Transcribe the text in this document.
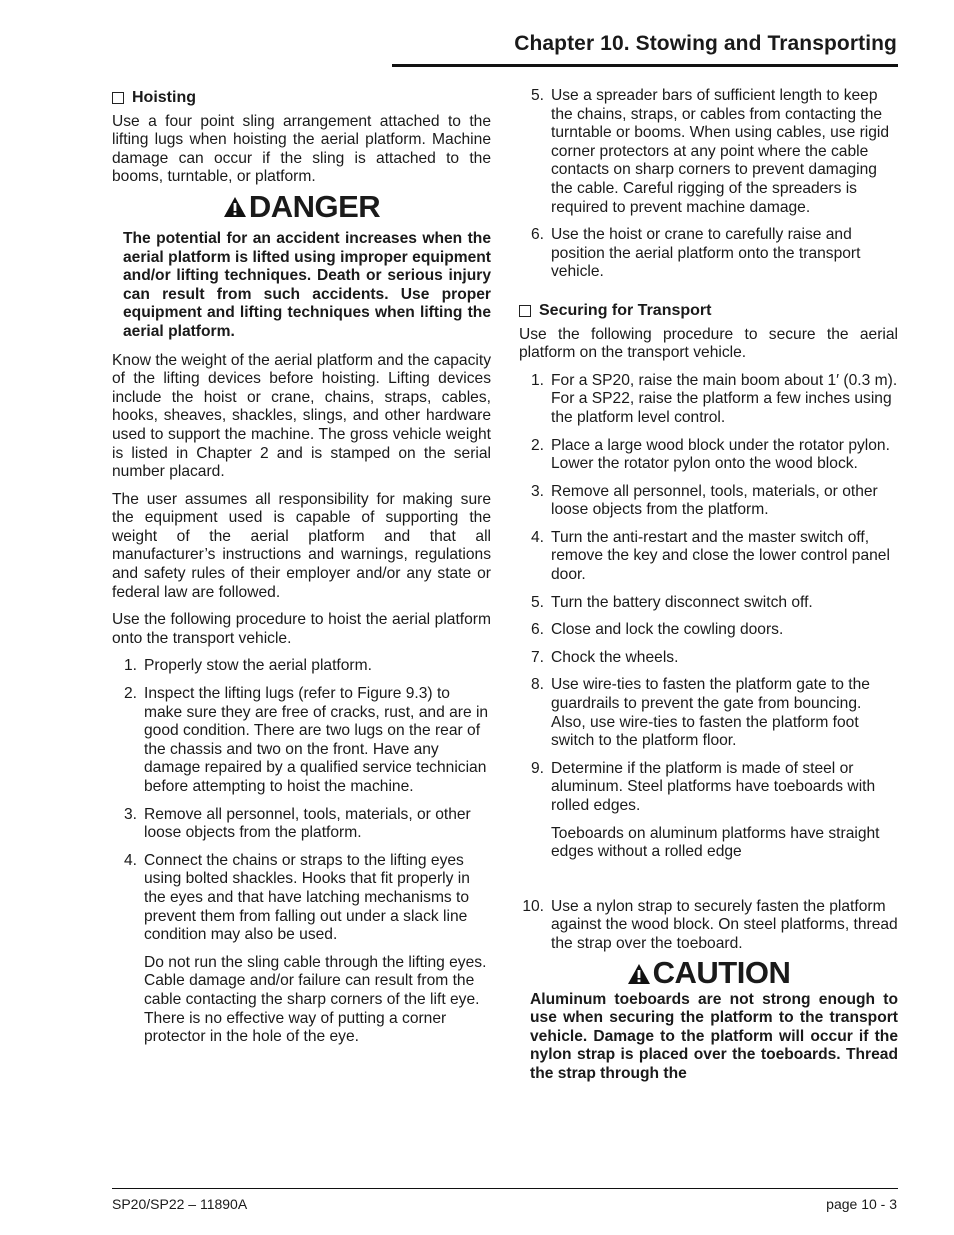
Chapter 10. Stowing and Transporting
Hoisting

Use a four point sling arrangement attached to the lifting lugs when hoisting the aerial platform. Machine damage can occur if the sling is attached to the booms, turntable, or platform.

DANGER
The potential for an accident increases when the aerial platform is lifted using improper equipment and/or lifting techniques. Death or serious injury can result from such accidents. Use proper equipment and lifting techniques when lifting the aerial platform.

Know the weight of the aerial platform and the capacity of the lifting devices before hoisting. Lifting devices include the hoist or crane, chains, straps, cables, hooks, sheaves, shackles, slings, and other hardware used to support the machine. The gross vehicle weight is listed in Chapter 2 and is stamped on the serial number placard.

The user assumes all responsibility for making sure the equipment used is capable of supporting the weight of the aerial platform and that all manufacturer’s instructions and warnings, regulations and safety rules of their employer and/or any state or federal law are followed.

Use the following procedure to hoist the aerial platform onto the transport vehicle.

1. Properly stow the aerial platform.

2. Inspect the lifting lugs (refer to Figure 9.3) to make sure they are free of cracks, rust, and are in good condition. There are two lugs on the rear of the chassis and two on the front. Have any damage repaired by a qualified service technician before attempting to hoist the machine.

3. Remove all personnel, tools, materials, or other loose objects from the platform.

4. Connect the chains or straps to the lifting eyes using bolted shackles. Hooks that fit properly in the eyes and that have latching mechanisms to prevent them from falling out under a slack line condition may also be used.

Do not run the sling cable through the lifting eyes. Cable damage and/or failure can result from the cable contacting the sharp corners of the lift eye. There is no effective way of putting a corner protector in the hole of the eye.

5. Use a spreader bars of sufficient length to keep the chains, straps, or cables from contacting the turntable or booms. When using cables, use rigid corner protectors at any point where the cable contacts on sharp corners to prevent damaging the cable. Careful rigging of the spreaders is required to prevent machine damage.

6. Use the hoist or crane to carefully raise and position the aerial platform onto the transport vehicle.

Securing for Transport

Use the following procedure to secure the aerial platform on the transport vehicle.

1. For a SP20, raise the main boom about 1′ (0.3 m). For a SP22, raise the platform a few inches using the platform level control.

2. Place a large wood block under the rotator pylon. Lower the rotator pylon onto the wood block.

3. Remove all personnel, tools, materials, or other loose objects from the platform.

4. Turn the anti-restart and the master switch off, remove the key and close the lower control panel door.

5. Turn the battery disconnect switch off.

6. Close and lock the cowling doors.

7. Chock the wheels.

8. Use wire-ties to fasten the platform gate to the guardrails to prevent the gate from bouncing. Also, use wire-ties to fasten the platform foot switch to the platform floor.

9. Determine if the platform is made of steel or aluminum. Steel platforms have toeboards with rolled edges.

Toeboards on aluminum platforms have straight edges without a rolled edge

10. Use a nylon strap to securely fasten the platform against the wood block. On steel platforms, thread the strap over the toeboard.

CAUTION
Aluminum toeboards are not strong enough to use when securing the platform to the transport vehicle. Damage to the platform will occur if the nylon strap is placed over the toeboards. Thread the strap through the
SP20/SP22 – 11890A	page 10 - 3
